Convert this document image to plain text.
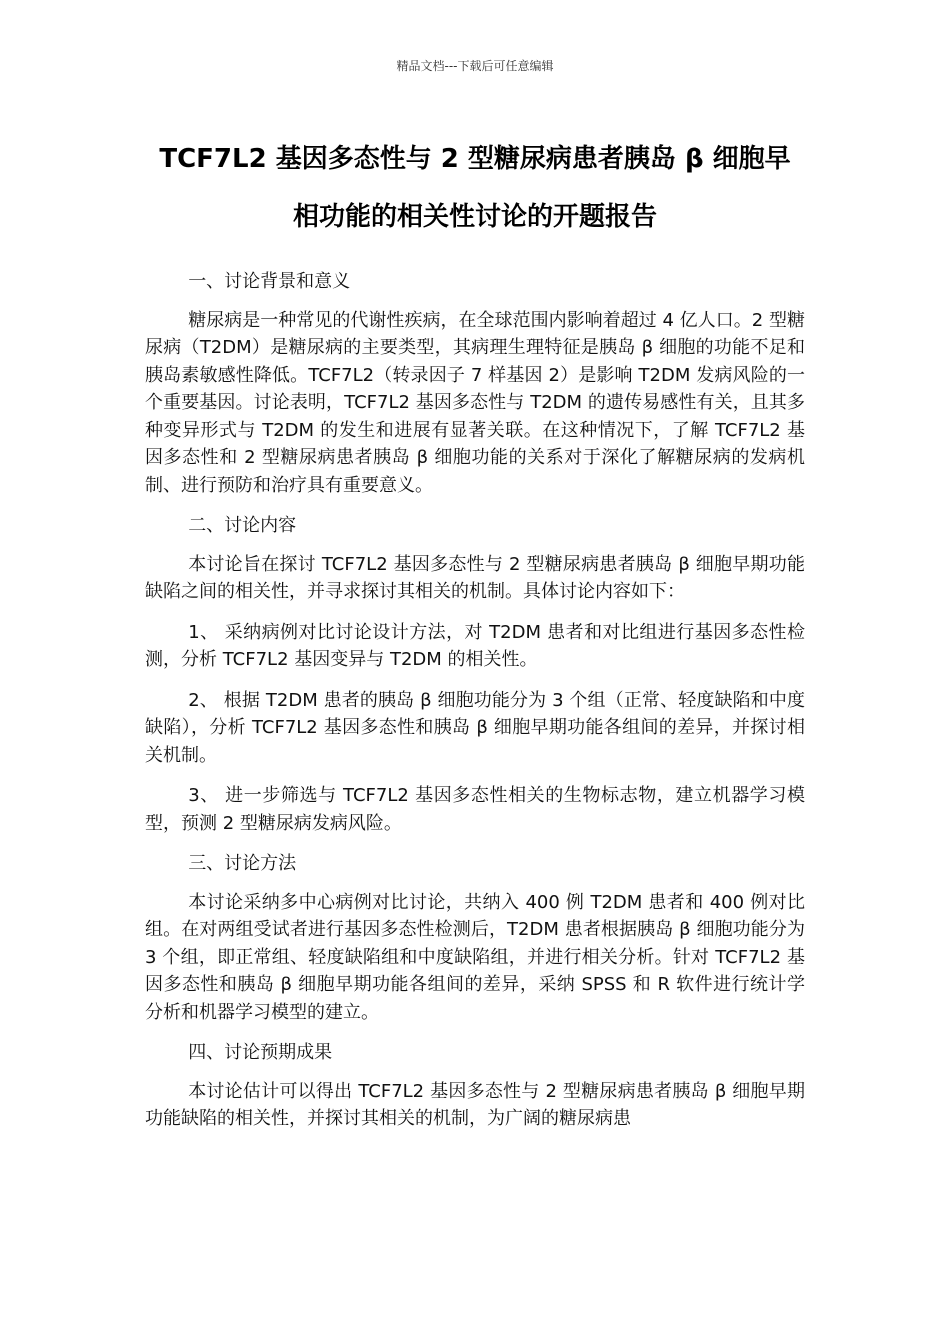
精品文档---下载后可任意编辑
TCF7L2 基因多态性与 2 型糖尿病患者胰岛 β 细胞早
相功能的相关性讨论的开题报告

一、讨论背景和意义

糖尿病是一种常见的代谢性疾病，在全球范围内影响着超过 4 亿人口。2 型糖尿病（T2DM）是糖尿病的主要类型，其病理生理特征是胰岛 β 细胞的功能不足和胰岛素敏感性降低。TCF7L2（转录因子 7 样基因 2）是影响 T2DM 发病风险的一个重要基因。讨论表明，TCF7L2 基因多态性与 T2DM 的遗传易感性有关，且其多种变异形式与 T2DM 的发生和进展有显著关联。在这种情况下，了解 TCF7L2 基因多态性和 2 型糖尿病患者胰岛 β 细胞功能的关系对于深化了解糖尿病的发病机制、进行预防和治疗具有重要意义。

二、讨论内容

本讨论旨在探讨 TCF7L2 基因多态性与 2 型糖尿病患者胰岛 β 细胞早期功能缺陷之间的相关性，并寻求探讨其相关的机制。具体讨论内容如下：

1、 采纳病例对比讨论设计方法，对 T2DM 患者和对比组进行基因多态性检测，分析 TCF7L2 基因变异与 T2DM 的相关性。

2、 根据 T2DM 患者的胰岛 β 细胞功能分为 3 个组（正常、轻度缺陷和中度缺陷），分析 TCF7L2 基因多态性和胰岛 β 细胞早期功能各组间的差异，并探讨相关机制。

3、 进一步筛选与 TCF7L2 基因多态性相关的生物标志物，建立机器学习模型，预测 2 型糖尿病发病风险。

三、讨论方法

本讨论采纳多中心病例对比讨论，共纳入 400 例 T2DM 患者和 400 例对比组。在对两组受试者进行基因多态性检测后，T2DM 患者根据胰岛 β 细胞功能分为 3 个组，即正常组、轻度缺陷组和中度缺陷组，并进行相关分析。针对 TCF7L2 基因多态性和胰岛 β 细胞早期功能各组间的差异，采纳 SPSS 和 R 软件进行统计学分析和机器学习模型的建立。

四、讨论预期成果

本讨论估计可以得出 TCF7L2 基因多态性与 2 型糖尿病患者胰岛 β 细胞早期功能缺陷的相关性，并探讨其相关的机制，为广阔的糖尿病患
